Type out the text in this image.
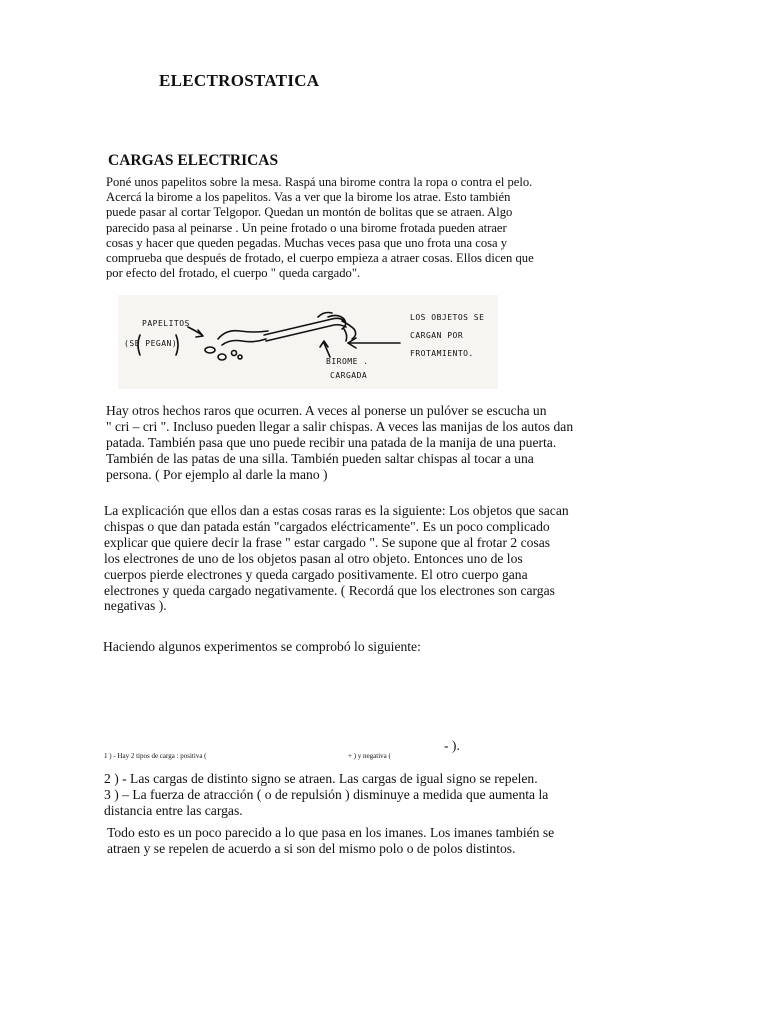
ELECTROSTATICA
CARGAS ELECTRICAS
Poné unos papelitos sobre la mesa. Raspá una birome contra la ropa o contra el pelo.
Acercá la birome a los papelitos. Vas a ver que la birome los atrae. Esto también
puede pasar al cortar Telgopor. Quedan un montón de bolitas que se atraen. Algo
parecido pasa al peinarse . Un peine frotado o una birome frotada pueden atraer
cosas y hacer que queden pegadas. Muchas veces pasa que uno frota una cosa y
comprueba que después de frotado, el cuerpo empieza a atraer cosas. Ellos dicen que
por efecto del frotado, el cuerpo " queda cargado".
PAPELITOS
(SE PEGAN)
BIROME .
CARGADA
LOS OBJETOS SE
CARGAN POR
FROTAMIENTO.
Hay otros hechos raros que ocurren. A veces al ponerse un pulóver se escucha un
" cri – cri ". Incluso pueden llegar a salir chispas. A veces las manijas de los autos dan
patada. También pasa que uno puede recibir una patada de la manija de una puerta.
También de las patas de una silla. También pueden saltar chispas al tocar a una
persona. ( Por ejemplo al darle la mano )
La explicación que ellos dan a estas cosas raras es la siguiente: Los objetos que sacan
chispas o que dan patada están "cargados eléctricamente". Es un poco complicado
explicar que quiere decir la frase " estar cargado ". Se supone que al frotar 2 cosas
los electrones de uno de los objetos pasan al otro objeto. Entonces uno de los
cuerpos pierde electrones y queda cargado positivamente. El otro cuerpo gana
electrones y queda cargado negativamente. ( Recordá que los electrones son cargas
negativas ).
Haciendo algunos experimentos se comprobó lo siguiente:
- ).
1 ) - Hay 2 tipos de carga : positiva (	+ ) y negativa (
2 ) - Las cargas de distinto signo se atraen. Las cargas de igual signo se repelen.
3 ) – La fuerza de atracción ( o de repulsión ) disminuye a medida que aumenta la
distancia entre las cargas.
Todo esto es un poco parecido a lo que pasa en los imanes. Los imanes también se
atraen y se repelen de acuerdo a si son del mismo polo o de polos distintos.
